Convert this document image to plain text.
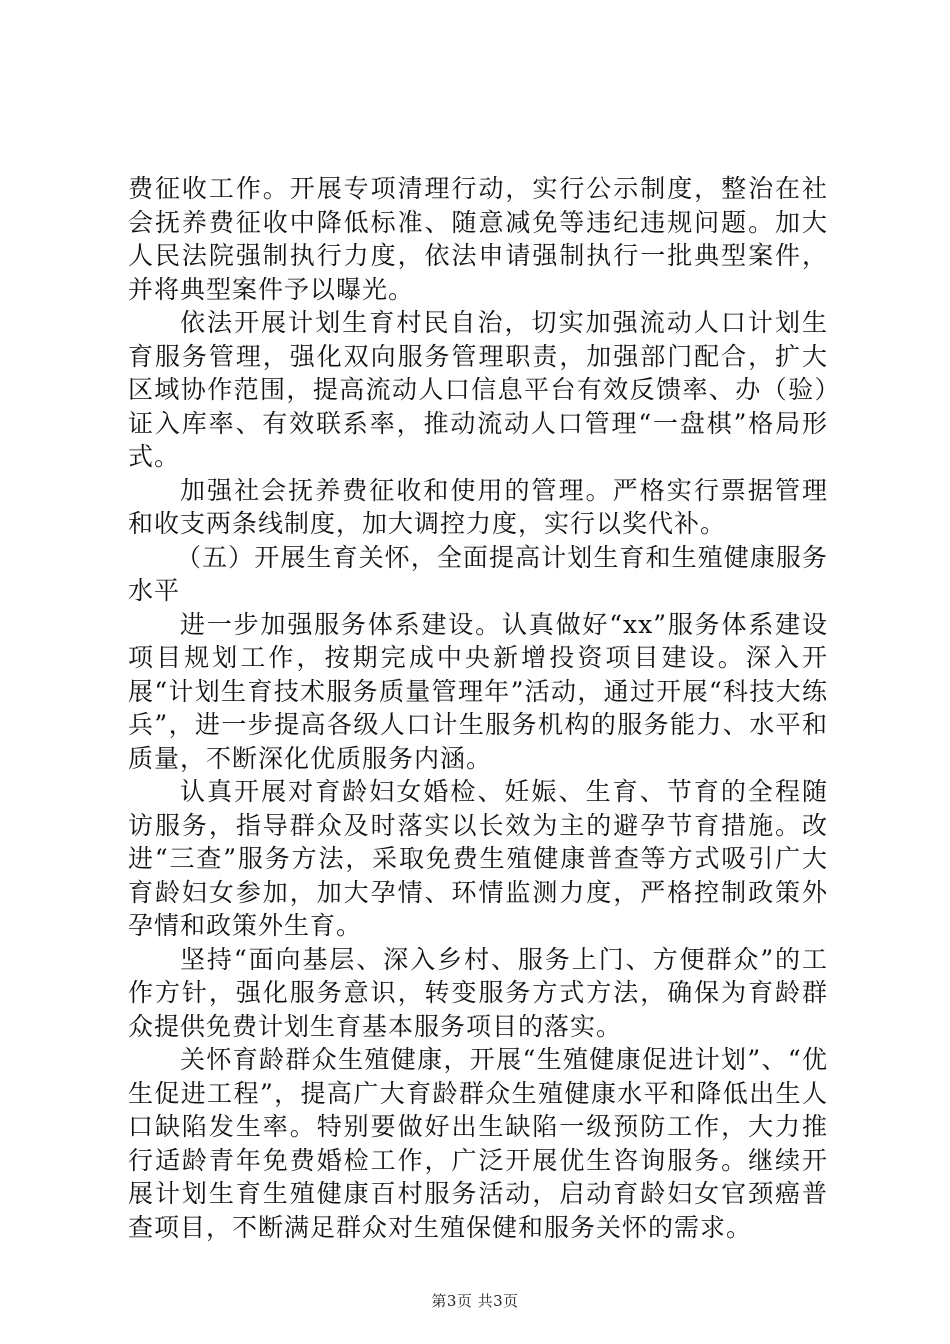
费征收工作。开展专项清理行动，实行公示制度，整治在社会抚养费征收中降低标准、随意减免等违纪违规问题。加大人民法院强制执行力度，依法申请强制执行一批典型案件，并将典型案件予以曝光。

依法开展计划生育村民自治，切实加强流动人口计划生育服务管理，强化双向服务管理职责，加强部门配合，扩大区域协作范围，提高流动人口信息平台有效反馈率、办（验）证入库率、有效联系率，推动流动人口管理“一盘棋”格局形式。

加强社会抚养费征收和使用的管理。严格实行票据管理和收支两条线制度，加大调控力度，实行以奖代补。

（五）开展生育关怀，全面提高计划生育和生殖健康服务水平

进一步加强服务体系建设。认真做好“xx”服务体系建设项目规划工作，按期完成中央新增投资项目建设。深入开展“计划生育技术服务质量管理年”活动，通过开展“科技大练兵”，进一步提高各级人口计生服务机构的服务能力、水平和质量，不断深化优质服务内涵。

认真开展对育龄妇女婚检、妊娠、生育、节育的全程随访服务，指导群众及时落实以长效为主的避孕节育措施。改进“三查”服务方法，采取免费生殖健康普查等方式吸引广大育龄妇女参加，加大孕情、环情监测力度，严格控制政策外孕情和政策外生育。

坚持“面向基层、深入乡村、服务上门、方便群众”的工作方针，强化服务意识，转变服务方式方法，确保为育龄群众提供免费计划生育基本服务项目的落实。

关怀育龄群众生殖健康，开展“生殖健康促进计划”、“优生促进工程”，提高广大育龄群众生殖健康水平和降低出生人口缺陷发生率。特别要做好出生缺陷一级预防工作，大力推行适龄青年免费婚检工作，广泛开展优生咨询服务。继续开展计划生育生殖健康百村服务活动，启动育龄妇女官颈癌普查项目，不断满足群众对生殖保健和服务关怀的需求。

第3页 共3页
